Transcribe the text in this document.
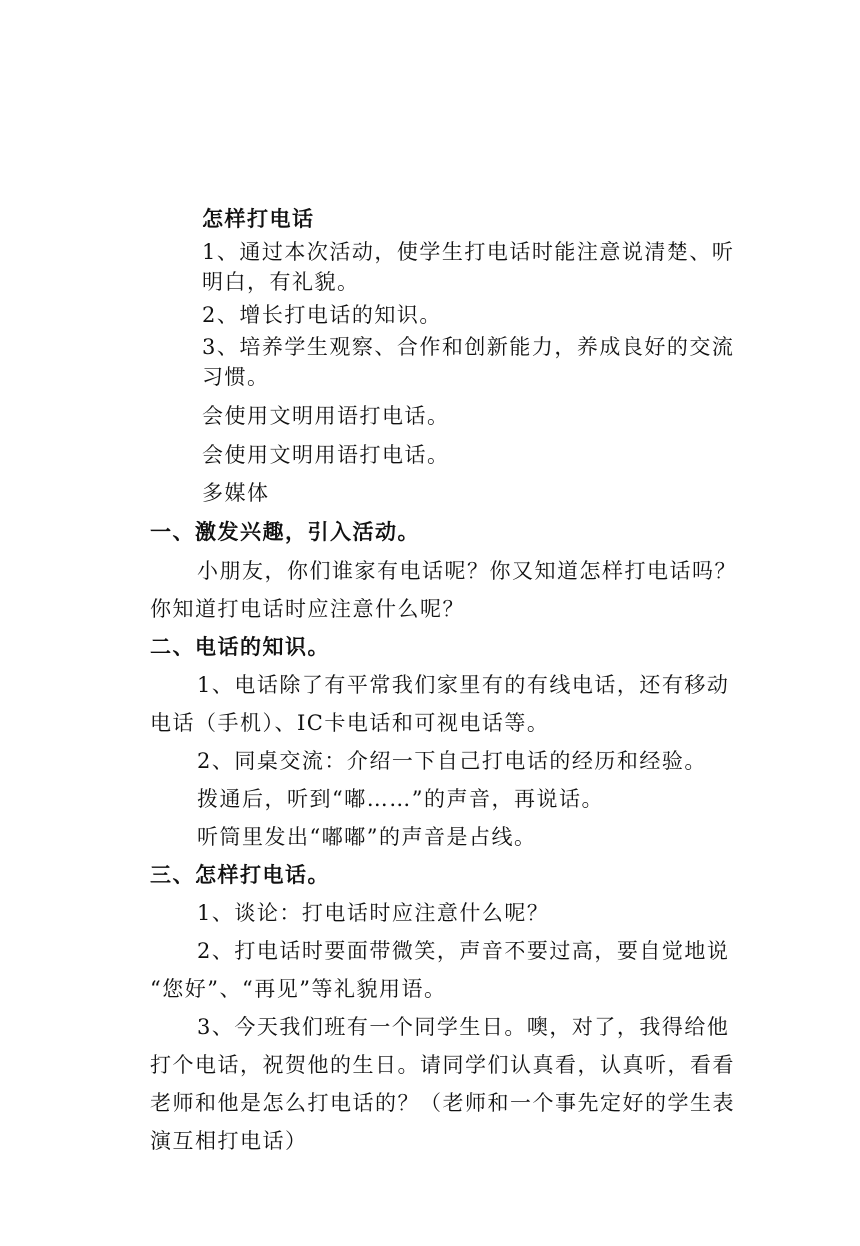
怎样打电话
1、通过本次活动，使学生打电话时能注意说清楚、听
明白，有礼貌。
2、增长打电话的知识。
3、培养学生观察、合作和创新能力，养成良好的交流
习惯。
会使用文明用语打电话。
会使用文明用语打电话。
多媒体
一、激发兴趣，引入活动。
小朋友，你们谁家有电话呢？你又知道怎样打电话吗？
你知道打电话时应注意什么呢？
二、电话的知识。
1、电话除了有平常我们家里有的有线电话，还有移动
电话（手机）、IC卡电话和可视电话等。
2、同桌交流：介绍一下自己打电话的经历和经验。
拨通后，听到“嘟……”的声音，再说话。
听筒里发出“嘟嘟”的声音是占线。
三、怎样打电话。
1、谈论：打电话时应注意什么呢？
2、打电话时要面带微笑，声音不要过高，要自觉地说
“您好”、“再见”等礼貌用语。
3、今天我们班有一个同学生日。噢，对了，我得给他
打个电话，祝贺他的生日。请同学们认真看，认真听，看看
老师和他是怎么打电话的？（老师和一个事先定好的学生表
演互相打电话）
